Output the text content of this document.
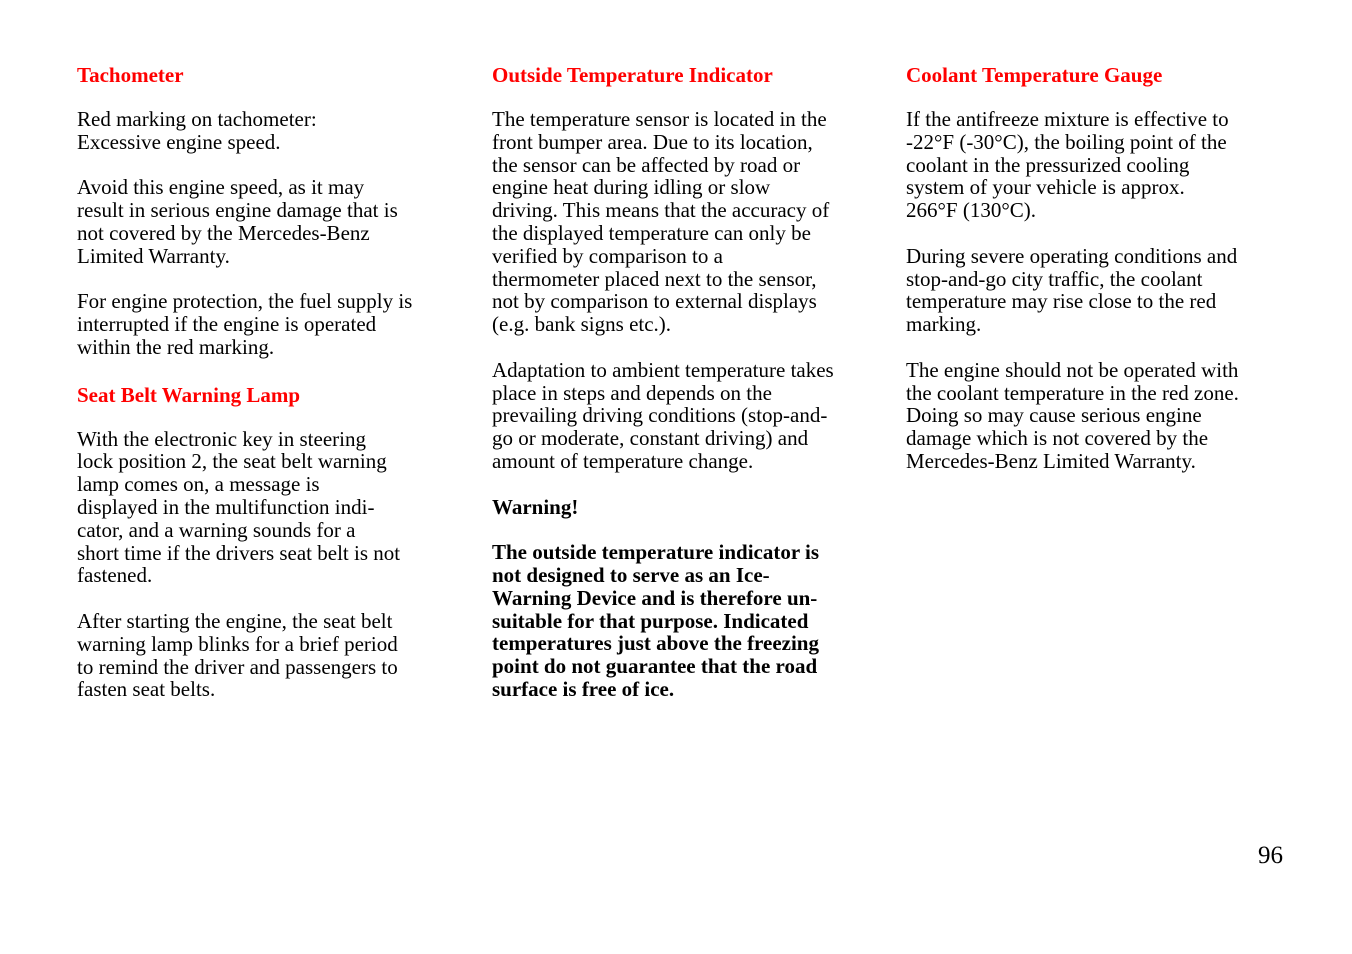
Tachometer
Red marking on tachometer:
Excessive engine speed.
Avoid this engine speed, as it may
result in serious engine damage that is
not covered by the Mercedes-Benz
Limited Warranty.
For engine protection, the fuel supply is
interrupted if the engine is operated
within the red marking.
Seat Belt Warning Lamp
With the electronic key in steering
lock position 2, the seat belt warning
lamp comes on, a message is
displayed in the multifunction indi-
cator, and a warning sounds for a
short time if the drivers seat belt is not
fastened.
After starting the engine, the seat belt
warning lamp blinks for a brief period
to remind the driver and passengers to
fasten seat belts.
Outside Temperature Indicator
The temperature sensor is located in the
front bumper area. Due to its location,
the sensor can be affected by road or
engine heat during idling or slow
driving. This means that the accuracy of
the displayed temperature can only be
verified by comparison to a
thermometer placed next to the sensor,
not by comparison to external displays
(e.g. bank signs etc.).
Adaptation to ambient temperature takes
place in steps and depends on the
prevailing driving conditions (stop-and-
go or moderate, constant driving) and
amount of temperature change.
Warning!
The outside temperature indicator is
not designed to serve as an Ice-
Warning Device and is therefore un-
suitable for that purpose. Indicated
temperatures just above the freezing
point do not guarantee that the road
surface is free of ice.
Coolant Temperature Gauge
If the antifreeze mixture is effective to
-22°F (-30°C), the boiling point of the
coolant in the pressurized cooling
system of your vehicle is approx.
266°F (130°C).
During severe operating conditions and
stop-and-go city traffic, the coolant
temperature may rise close to the red
marking.
The engine should not be operated with
the coolant temperature in the red zone.
Doing so may cause serious engine
damage which is not covered by the
Mercedes-Benz Limited Warranty.
96
